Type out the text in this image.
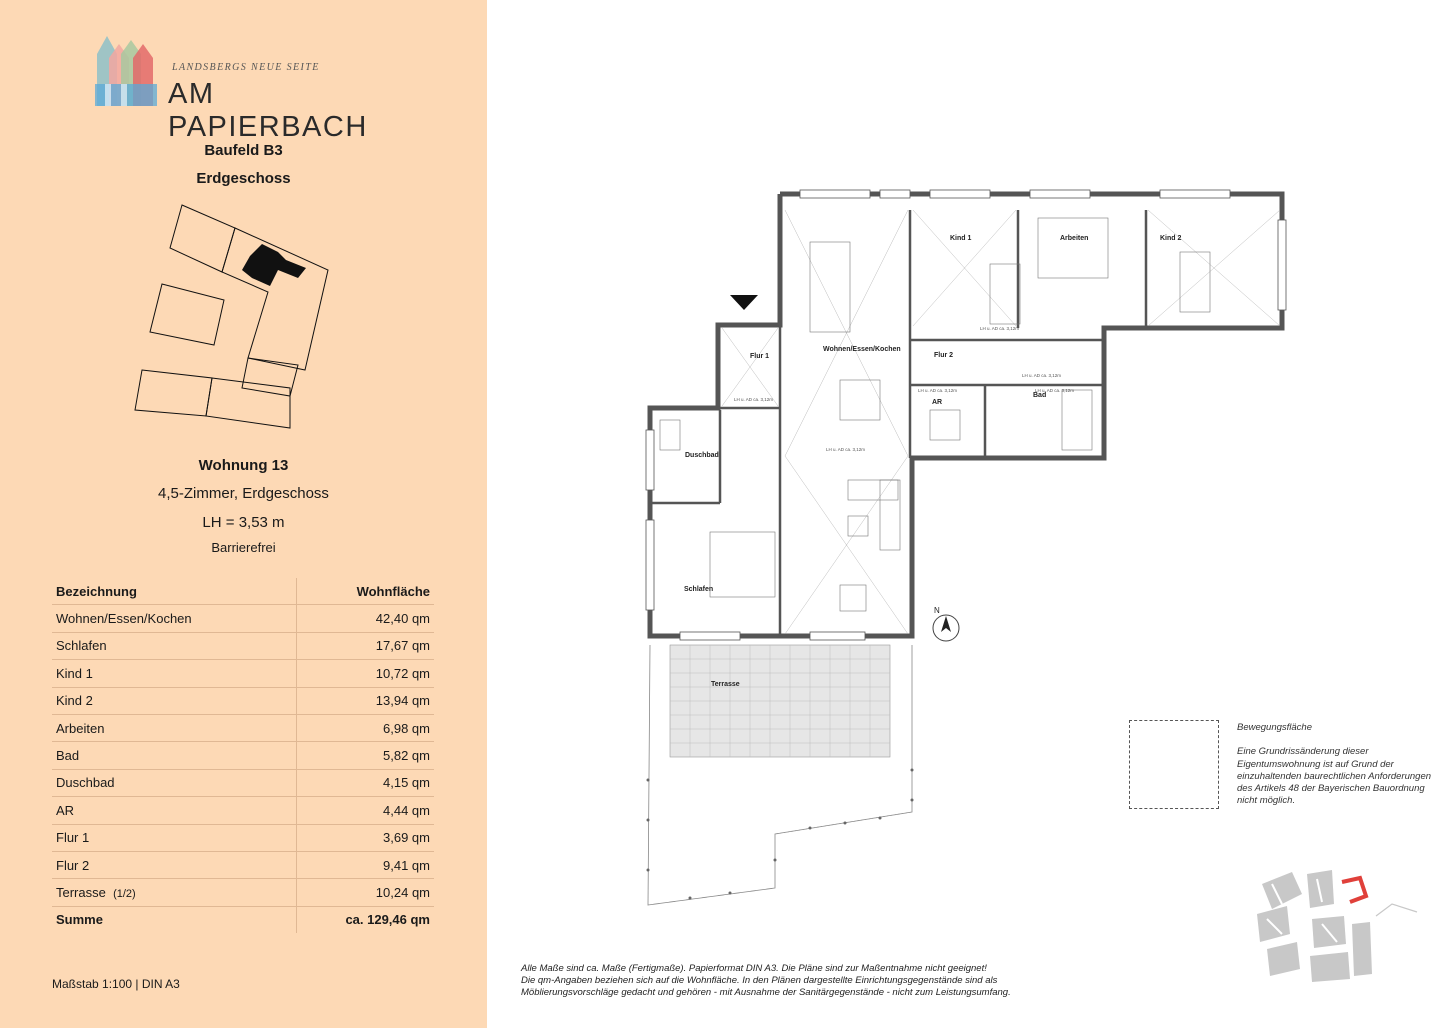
LANDSBERGS NEUE SEITE
AM PAPIERBACH
Baufeld B3
Erdgeschoss
Wohnung 13
4,5-Zimmer, Erdgeschoss
LH = 3,53 m
Barrierefrei
Bezeichnung	Wohnfläche
Wohnen/Essen/Kochen	42,40 qm
Schlafen	17,67 qm
Kind 1	10,72 qm
Kind 2	13,94 qm
Arbeiten	6,98 qm
Bad	5,82 qm
Duschbad	4,15 qm
AR	4,44 qm
Flur 1	3,69 qm
Flur 2	9,41 qm
Terrasse (1/2)	10,24 qm
Summe	ca. 129,46 qm
Maßstab 1:100 | DIN A3
Kind 1	Arbeiten	Kind 2
Flur 1
Wohnen/Essen/Kochen
Flur 2
AR
Bad
Duschbad
Schlafen
Terrasse
LH u. AD ca. 3,12m
LH u. AD ca. 3,12m
LH u. AD ca. 3,12m	LH u. AD ca. 3,12m
LH u. AD ca. 3,12m
LH u. AD ca. 3,12m
N

Bewegungsfläche

Eine Grundrissänderung dieser

Eigentumswohnung ist auf Grund der

einzuhaltenden baurechtlichen Anforderungen

des Artikels 48 der Bayerischen Bauordnung

nicht möglich.

Alle Maße sind ca. Maße (Fertigmaße). Papierformat DIN A3. Die Pläne sind zur Maßentnahme nicht geeignet!

Die qm-Angaben beziehen sich auf die Wohnfläche. In den Plänen dargestellte Einrichtungsgegenstände sind als

Möblierungsvorschläge gedacht und gehören - mit Ausnahme der Sanitärgegenstände - nicht zum Leistungsumfang.
